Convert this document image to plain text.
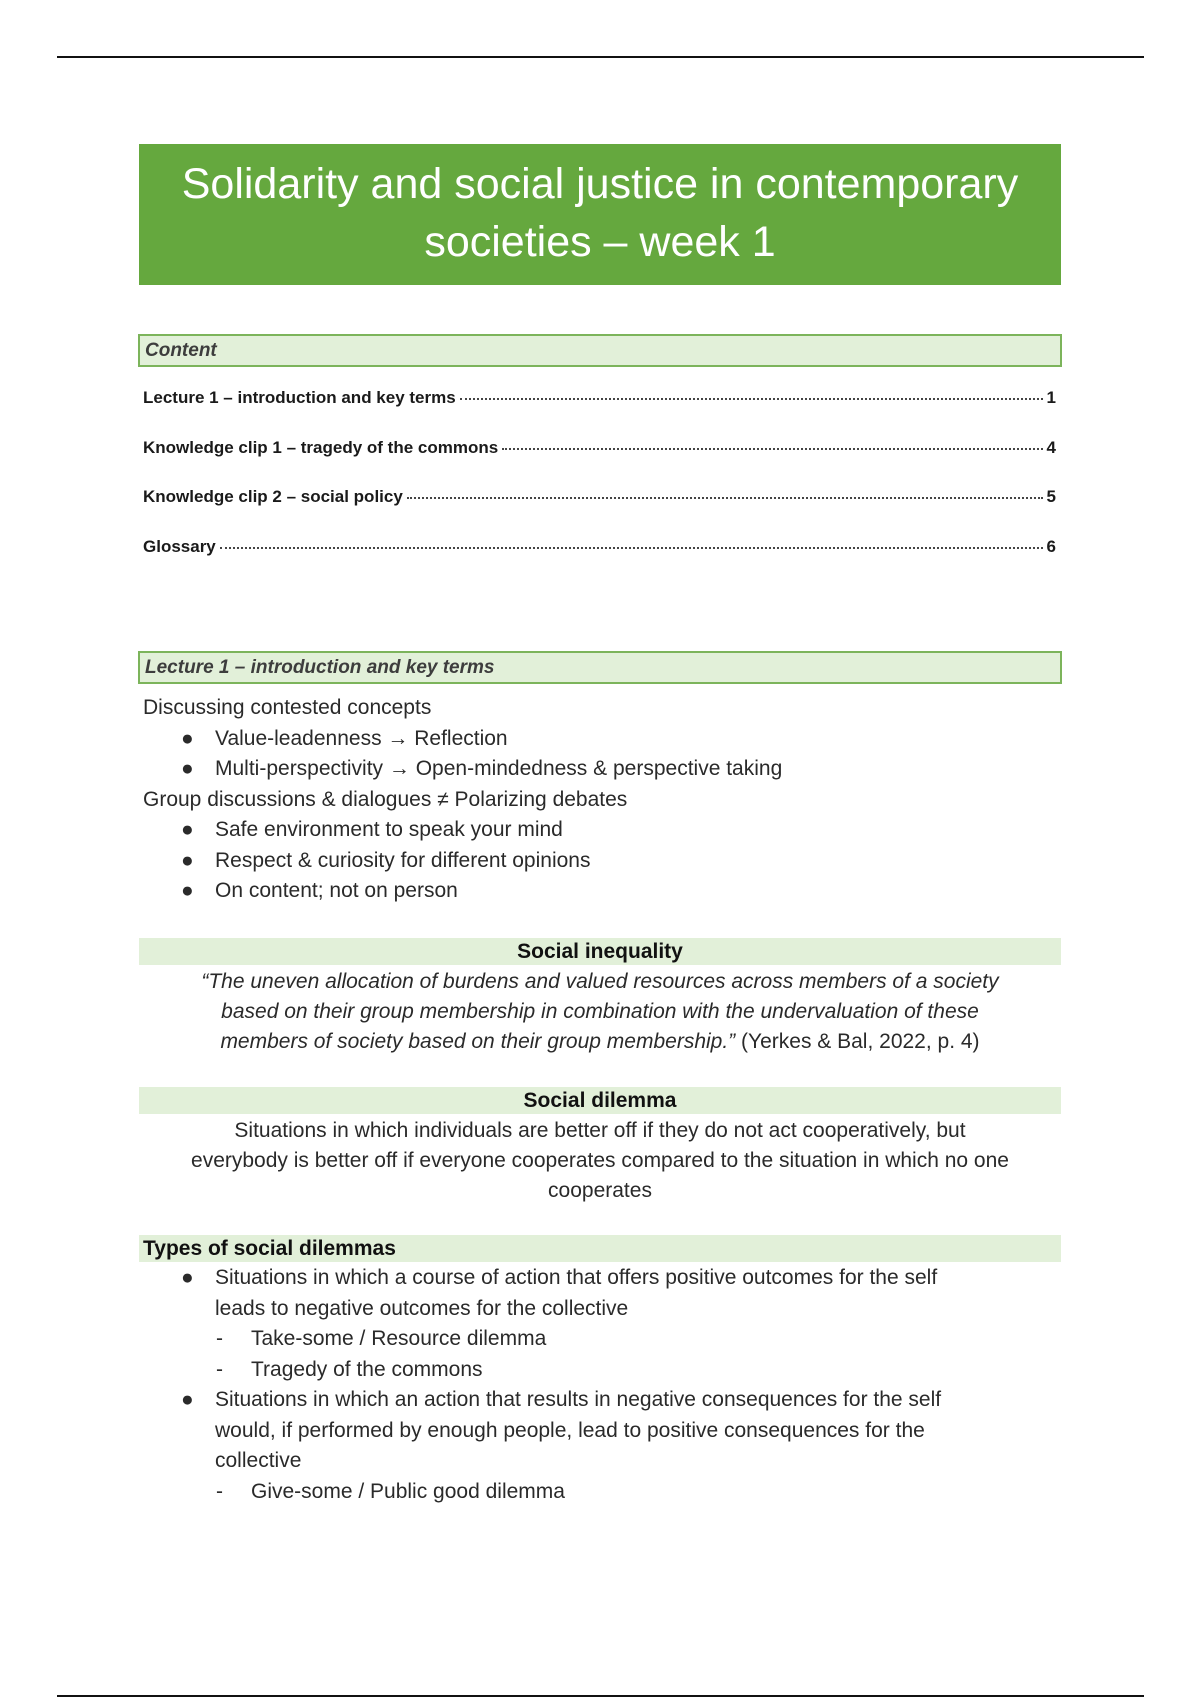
Solidarity and social justice in contemporary
societies – week 1
Content
Lecture 1 – introduction and key terms	1
Knowledge clip 1 – tragedy of the commons	4
Knowledge clip 2 – social policy	5
Glossary	6
Lecture 1 – introduction and key terms
Discussing contested concepts
● Value-leadenness → Reflection
● Multi-perspectivity → Open-mindedness & perspective taking
Group discussions & dialogues ≠ Polarizing debates
● Safe environment to speak your mind
● Respect & curiosity for different opinions
● On content; not on person
Social inequality
“The uneven allocation of burdens and valued resources across members of a society
based on their group membership in combination with the undervaluation of these
members of society based on their group membership.” (Yerkes & Bal, 2022, p. 4)
Social dilemma
Situations in which individuals are better off if they do not act cooperatively, but
everybody is better off if everyone cooperates compared to the situation in which no one
cooperates
Types of social dilemmas
● Situations in which a course of action that offers positive outcomes for the self
leads to negative outcomes for the collective
- Take-some / Resource dilemma
- Tragedy of the commons
● Situations in which an action that results in negative consequences for the self
would, if performed by enough people, lead to positive consequences for the
collective
- Give-some / Public good dilemma
